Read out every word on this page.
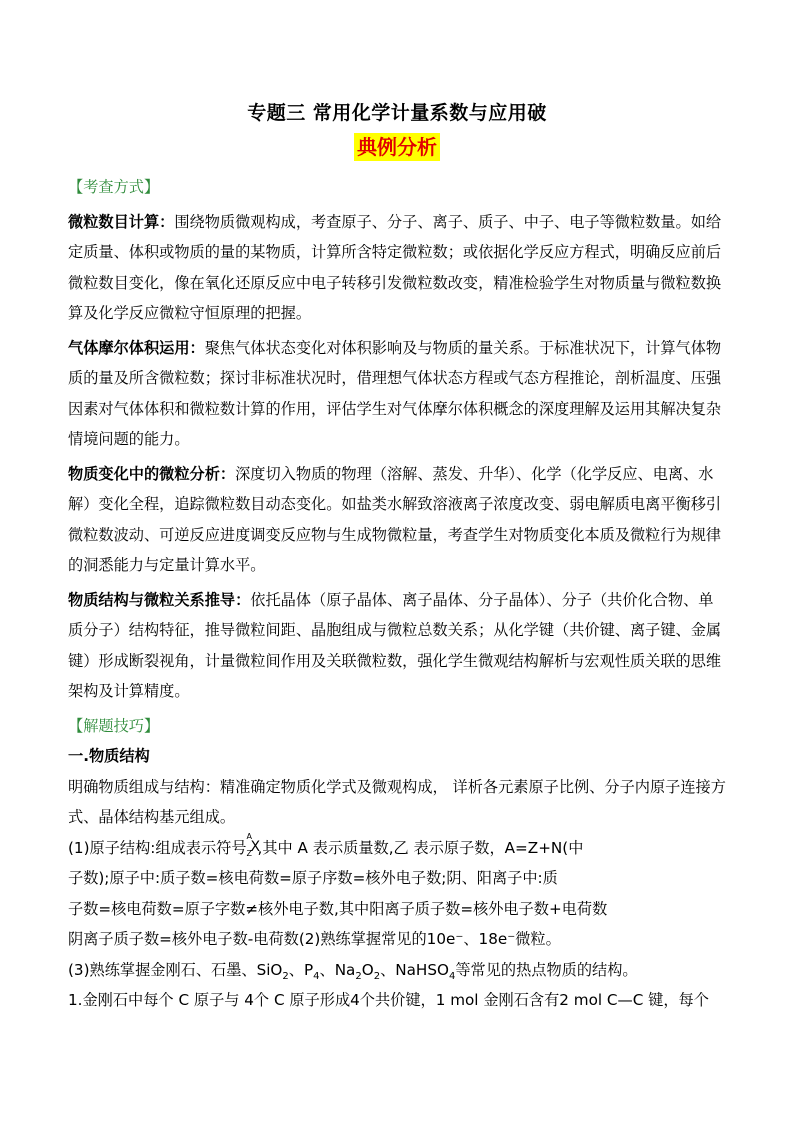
专题三 常用化学计量系数与应用破
典例分析

【考查方式】

微粒数目计算：围绕物质微观构成，考查原子、分子、离子、质子、中子、电子等微粒数量。如给定质量、体积或物质的量的某物质，计算所含特定微粒数；或依据化学反应方程式，明确反应前后微粒数目变化，像在氧化还原反应中电子转移引发微粒数改变，精准检验学生对物质量与微粒数换算及化学反应微粒守恒原理的把握。

气体摩尔体积运用：聚焦气体状态变化对体积影响及与物质的量关系。于标准状况下，计算气体物质的量及所含微粒数；探讨非标准状况时，借理想气体状态方程或气态方程推论，剖析温度、压强因素对气体体积和微粒数计算的作用，评估学生对气体摩尔体积概念的深度理解及运用其解决复杂情境问题的能力。

物质变化中的微粒分析：深度切入物质的物理（溶解、蒸发、升华）、化学（化学反应、电离、水解）变化全程，追踪微粒数目动态变化。如盐类水解致溶液离子浓度改变、弱电解质电离平衡移引微粒数波动、可逆反应进度调变反应物与生成物微粒量，考查学生对物质变化本质及微粒行为规律的洞悉能力与定量计算水平。

物质结构与微粒关系推导：依托晶体（原子晶体、离子晶体、分子晶体）、分子（共价化合物、单质分子）结构特征，推导微粒间距、晶胞组成与微粒总数关系；从化学键（共价键、离子键、金属键）形成断裂视角，计量微粒间作用及关联微粒数，强化学生微观结构解析与宏观性质关联的思维架构及计算精度。

【解题技巧】

一.物质结构

明确物质组成与结构：精准确定物质化学式及微观构成， 详析各元素原子比例、分子内原子连接方式、晶体结构基元组成。

(1)原子结构:组成表示符号
A
Z
X
,其中 A 表示质量数,乙 表示原子数，A=Z+N(中

子数);原子中:质子数=核电荷数=原子序数=核外电子数;阴、阳离子中:质

子数=核电荷数=原子字数≠核外电子数,其中阳离子质子数=核外电子数+电荷数

阴离子质子数=核外电子数-电荷数(2)熟练掌握常见的10e⁻、18e⁻微粒。

(3)熟练掌握金刚石、石墨、SiO$_2$、$P_4$、$Na_2O_2$、NaHSO$_4$等常见的热点物质的结构。

1.金刚石中每个 C 原子与 4个 C 原子形成4个共价键，1 mol 金刚石含有2 mol C—C 键，每个
